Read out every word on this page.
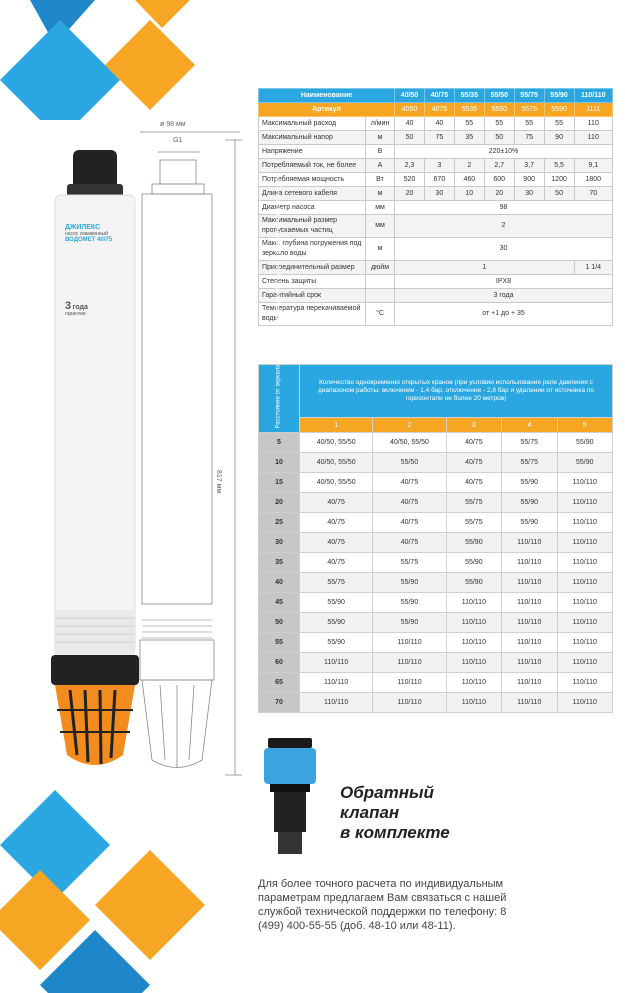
ДЖИЛЕКС
насос скважинный
ВОДОМЕТ 40/75
3 года
гарантии
ø 98 мм
G1
817 мм
Наименование		40/50	40/75	55/35	55/50	55/75	55/90	110/110
Артикул		4050	4075	5535	5550	5575	5590	1111
Максимальный расход	л/мин	40	40	55	55	55	55	110
Максимальный напор	м	50	75	35	50	75	90	110
Напряжение	В	220±10%						
Потребляемый ток, не более	А	2,3	3	2	2,7	3,7	5,5	9,1
Потребляемая мощность	Вт	520	670	460	600	900	1200	1800
Длина сетевого кабеля	м	20	30	10	20	30	50	70
Диаметр насоса	мм	98						
Максимальный размер пропускаемых частиц	мм	2						
Макс. глубина погружения под зеркало воды	м	30						
Присоединительный размер	дюйм	1						1 1/4
Степень защиты		IPX8						
Гарантийный срок		3 года						
Температура перекачиваемой воды	°С	от +1 до + 35						
	Количество одновременно открытых кранов (при условии использования реле давления с диапазоном работы: включение - 1,4 бар, отключение - 2,8 бар и удалении от источника по горизонтали не более 20 метров)				
	1	2	3	4	5
5	40/50, 55/50	40/50, 55/50	40/75	55/75	55/90
10	40/50, 55/50	55/50	40/75	55/75	55/90
15	40/50, 55/50	40/75	40/75	55/90	110/110
20	40/75	40/75	55/75	55/90	110/110
25	40/75	40/75	55/75	55/90	110/110
30	40/75	40/75	55/90	110/110	110/110
35	40/75	55/75	55/90	110/110	110/110
40	55/75	55/90	55/90	110/110	110/110
45	55/90	55/90	110/110	110/110	110/110
50	55/90	55/90	110/110	110/110	110/110
55	55/90	110/110	110/110	110/110	110/110
60	110/110	110/110	110/110	110/110	110/110
65	110/110	110/110	110/110	110/110	110/110
70	110/110	110/110	110/110	110/110	110/110
Обратный клапан
в комплекте
Для более точного расчета по индивидуальным параметрам предлагаем Вам связаться с нашей службой технической поддержки по телефону: 8 (499) 400-55-55 (доб. 48-10 или 48-11).
